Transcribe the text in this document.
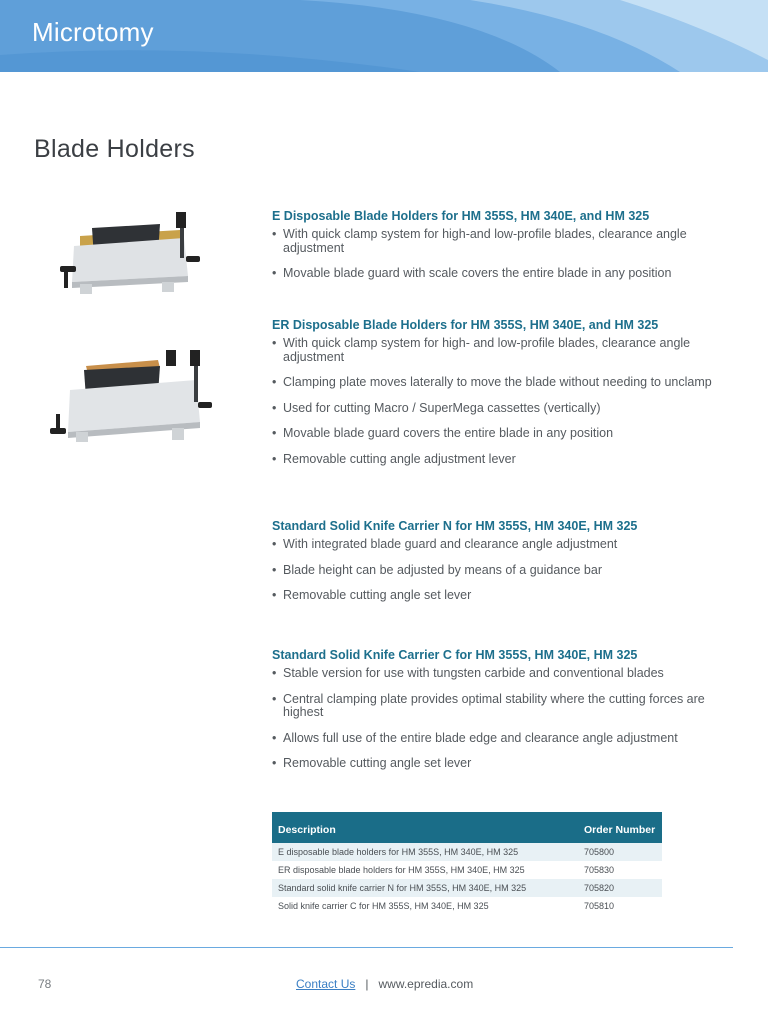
Microtomy
Blade Holders
E Disposable Blade Holders for HM 355S, HM 340E, and HM 325
• With quick clamp system for high-and low-profile blades, clearance angle adjustment
• Movable blade guard with scale covers the entire blade in any position
ER Disposable Blade Holders for HM 355S, HM 340E, and HM 325
• With quick clamp system for high- and low-profile blades, clearance angle adjustment
• Clamping plate moves laterally to move the blade without needing to unclamp
• Used for cutting Macro / SuperMega cassettes (vertically)
• Movable blade guard covers the entire blade in any position
• Removable cutting angle adjustment lever
Standard Solid Knife Carrier N for HM 355S, HM 340E, HM 325
• With integrated blade guard and clearance angle adjustment
• Blade height can be adjusted by means of a guidance bar
• Removable cutting angle set lever
Standard Solid Knife Carrier C for HM 355S, HM 340E, HM 325
• Stable version for use with tungsten carbide and conventional blades
• Central clamping plate provides optimal stability where the cutting forces are highest
• Allows full use of the entire blade edge and clearance angle adjustment
• Removable cutting angle set lever
Description	Order Number
E disposable blade holders for HM 355S, HM 340E, HM 325	705800
ER disposable blade holders for HM 355S, HM 340E, HM 325	705830
Standard solid knife carrier N for HM 355S, HM 340E, HM 325	705820
Solid knife carrier C for HM 355S, HM 340E, HM 325	705810
78	Contact Us | www.epredia.com
